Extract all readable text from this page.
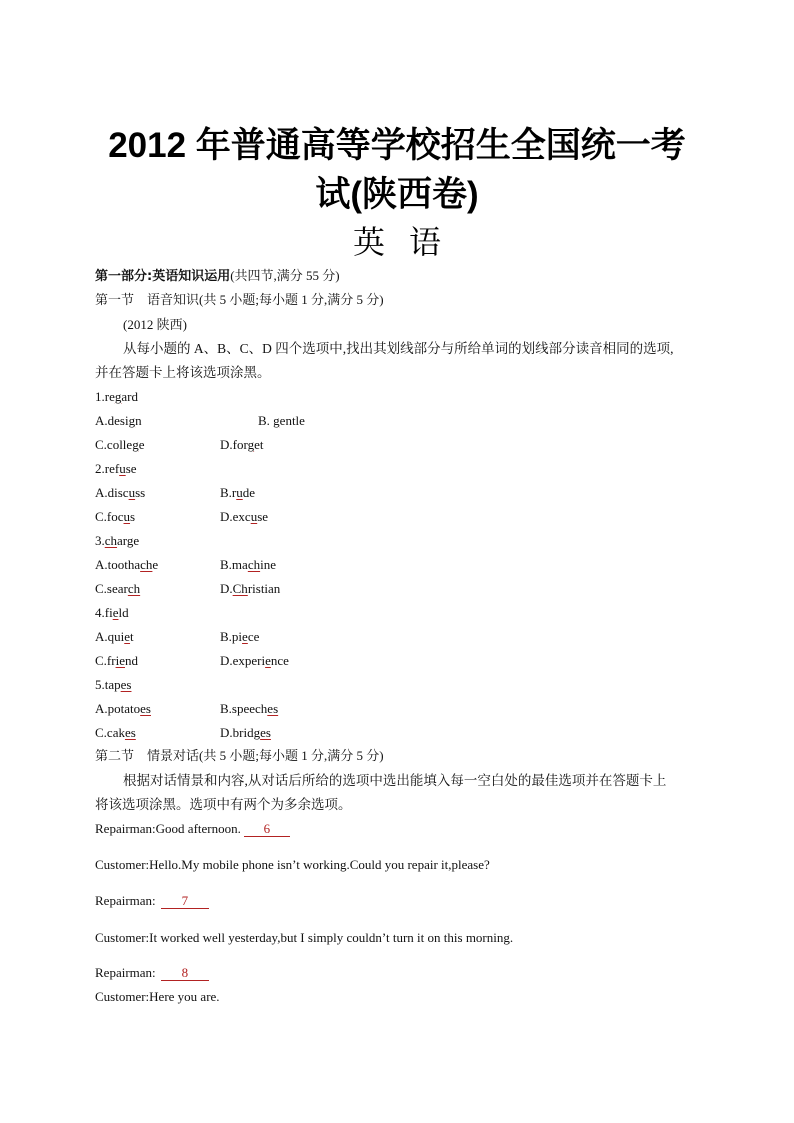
2012 年普通高等学校招生全国统一考
试(陕西卷)
英语
第一部分:英语知识运用(共四节,满分 55 分)
第一节　语音知识(共 5 小题;每小题 1 分,满分 5 分)
(2012 陕西)
从每小题的 A、B、C、D 四个选项中,找出其划线部分与所给单词的划线部分读音相同的选项,
并在答题卡上将该选项涂黑。
1.regard
A.design	B. gentle
C.college	D.forget
2.refuse
A.discuss	B.rude
C.focus	D.excuse
3.charge
A.toothache	B.machine
C.search	D.Christian
4.field
A.quiet	B.piece
C.friend	D.experience
5.tapes
A.potatoes	B.speeches
C.cakes	D.bridges
第二节　情景对话(共 5 小题;每小题 1 分,满分 5 分)
根据对话情景和内容,从对话后所给的选项中选出能填入每一空白处的最佳选项并在答题卡上
将该选项涂黑。选项中有两个为多余选项。
Repairman:Good afternoon. 6
Customer:Hello.My mobile phone isn’t working.Could you repair it,please?
Repairman: 7
Customer:It worked well yesterday,but I simply couldn’t turn it on this morning.
Repairman: 8
Customer:Here you are.
